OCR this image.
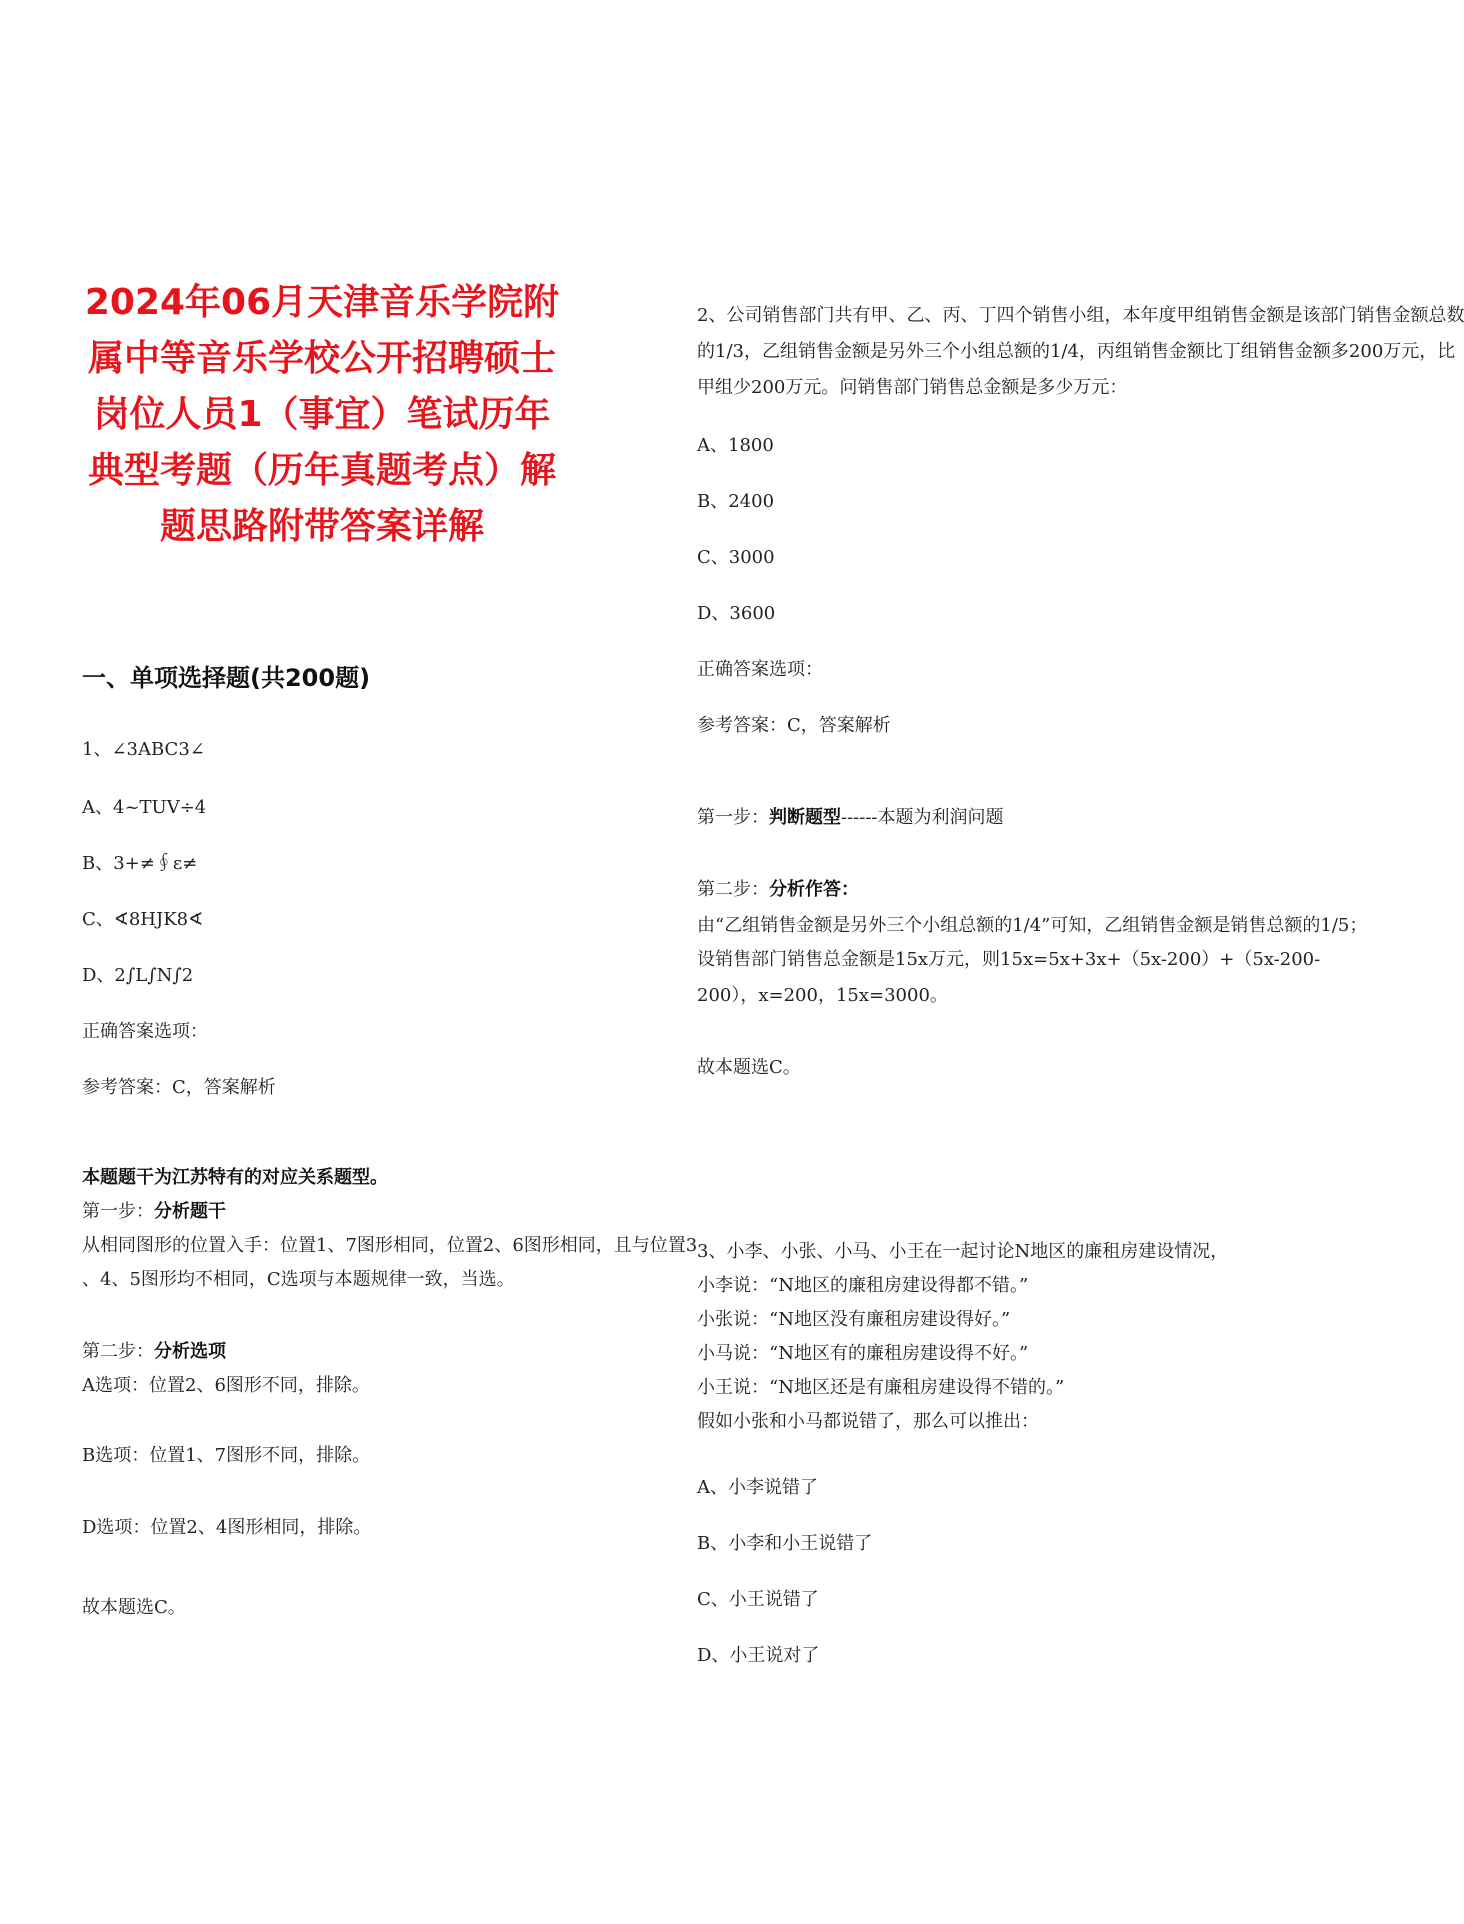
2024年06月天津音乐学院附属中等音乐学校公开招聘硕士岗位人员1（事宜）笔试历年典型考题（历年真题考点）解题思路附带答案详解
一、单项选择题(共200题)
1、∠3ABC3∠
A、4~TUV÷4
B、3+≠∮ε≠
C、∢8HJK8∢
D、2∫L∫N∫2
正确答案选项：
参考答案：C，答案解析
本题题干为江苏特有的对应关系题型。
第一步：分析题干
从相同图形的位置入手：位置1、7图形相同，位置2、6图形相同，且与位置3
、4、5图形均不相同，C选项与本题规律一致，当选。
第二步：分析选项
A选项：位置2、6图形不同，排除。
B选项：位置1、7图形不同，排除。
D选项：位置2、4图形相同，排除。
故本题选C。
2、公司销售部门共有甲、乙、丙、丁四个销售小组，本年度甲组销售金额是该部门销售金额总数
的1/3，乙组销售金额是另外三个小组总额的1/4，丙组销售金额比丁组销售金额多200万元，比
甲组少200万元。问销售部门销售总金额是多少万元：
A、1800
B、2400
C、3000
D、3600
正确答案选项：
参考答案：C，答案解析
第一步：判断题型------本题为利润问题
第二步：分析作答：
由“乙组销售金额是另外三个小组总额的1/4”可知，乙组销售金额是销售总额的1/5；
设销售部门销售总金额是15x万元，则15x=5x+3x+（5x-200）+（5x-200-
200），x=200，15x=3000。
故本题选C。
3、小李、小张、小马、小王在一起讨论N地区的廉租房建设情况，
小李说：“N地区的廉租房建设得都不错。”
小张说：“N地区没有廉租房建设得好。”
小马说：“N地区有的廉租房建设得不好。”
小王说：“N地区还是有廉租房建设得不错的。”
假如小张和小马都说错了，那么可以推出：
A、小李说错了
B、小李和小王说错了
C、小王说错了
D、小王说对了
